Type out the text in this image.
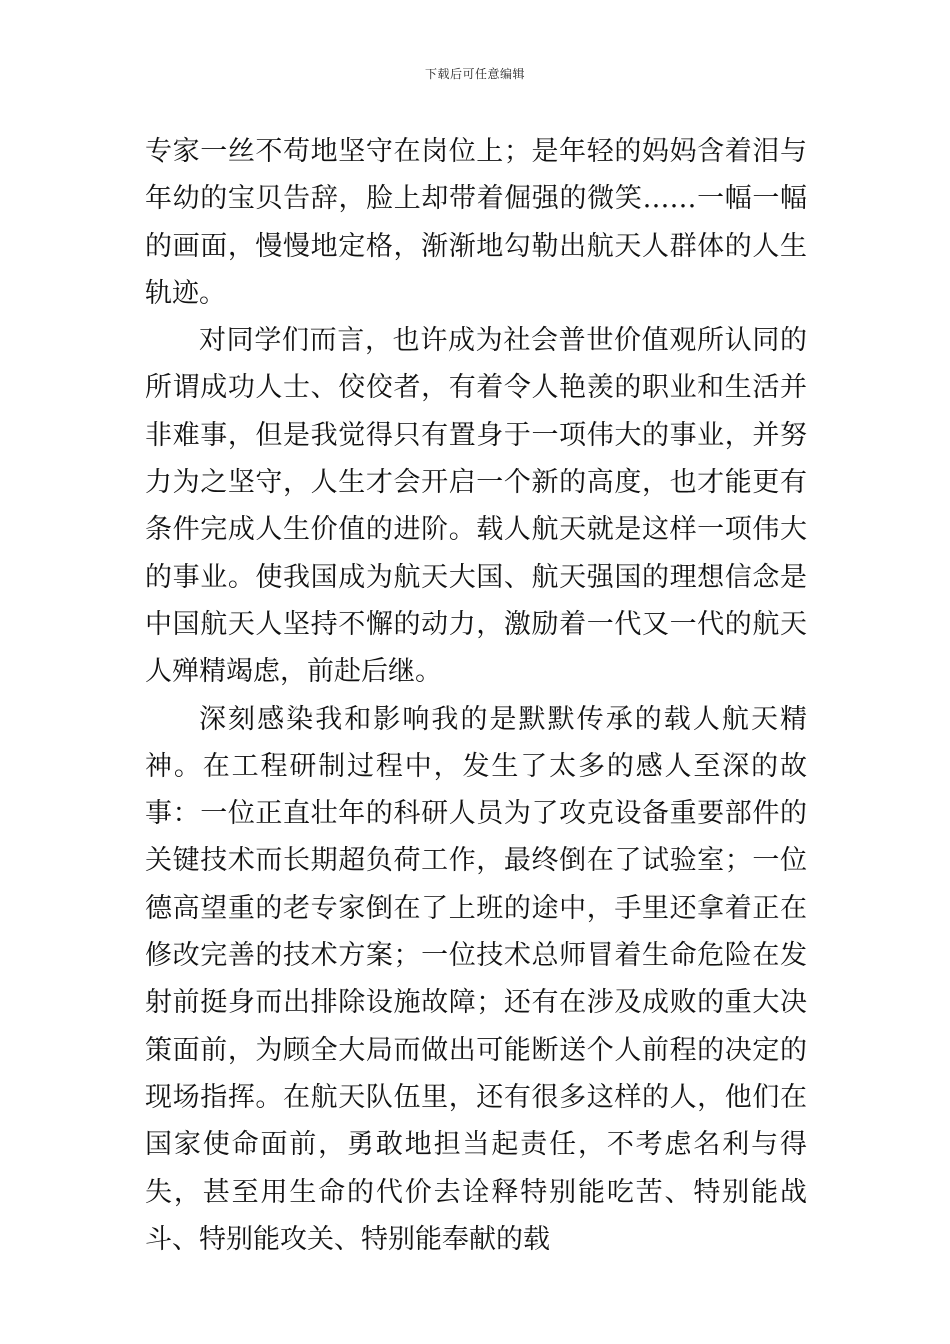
下载后可任意编辑

专家一丝不苟地坚守在岗位上；是年轻的妈妈含着泪与年幼的宝贝告辞，脸上却带着倔强的微笑……一幅一幅的画面，慢慢地定格，渐渐地勾勒出航天人群体的人生轨迹。

对同学们而言，也许成为社会普世价值观所认同的所谓成功人士、佼佼者，有着令人艳羡的职业和生活并非难事，但是我觉得只有置身于一项伟大的事业，并努力为之坚守，人生才会开启一个新的高度，也才能更有条件完成人生价值的进阶。载人航天就是这样一项伟大的事业。使我国成为航天大国、航天强国的理想信念是中国航天人坚持不懈的动力，激励着一代又一代的航天人殚精竭虑，前赴后继。

深刻感染我和影响我的是默默传承的载人航天精神。在工程研制过程中，发生了太多的感人至深的故事：一位正直壮年的科研人员为了攻克设备重要部件的关键技术而长期超负荷工作，最终倒在了试验室；一位德高望重的老专家倒在了上班的途中，手里还拿着正在修改完善的技术方案；一位技术总师冒着生命危险在发射前挺身而出排除设施故障；还有在涉及成败的重大决策面前，为顾全大局而做出可能断送个人前程的决定的现场指挥。在航天队伍里，还有很多这样的人，他们在国家使命面前，勇敢地担当起责任，不考虑名利与得失，甚至用生命的代价去诠释特别能吃苦、特别能战斗、特别能攻关、特别能奉献的载
